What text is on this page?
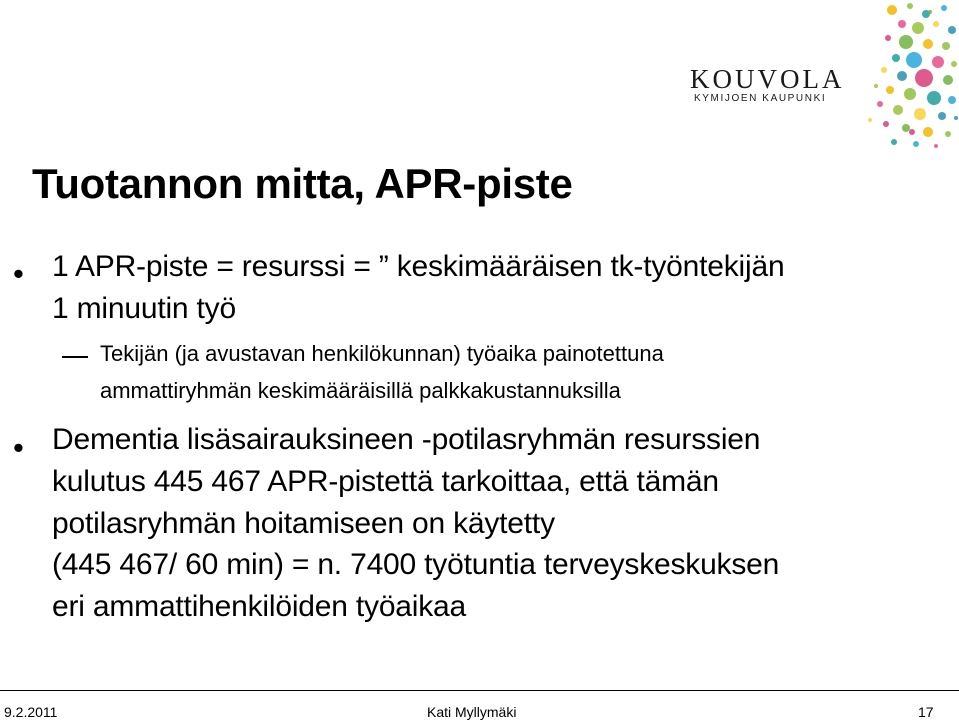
KOUVOLA
KYMIJOEN KAUPUNKI
Tuotannon mitta, APR-piste
• 1 APR-piste = resurssi = ” keskimääräisen tk-työntekijän
1 minuutin työ
Tekijän (ja avustavan henkilökunnan) työaika painotettuna
ammattiryhmän keskimääräisillä palkkakustannuksilla
• Dementia lisäsairauksineen -potilasryhmän resurssien
kulutus 445 467 APR-pistettä tarkoittaa, että tämän
potilasryhmän hoitamiseen on käytetty
(445 467/ 60 min) = n. 7400 työtuntia terveyskeskuksen
eri ammattihenkilöiden työaikaa
9.2.2011	Kati Myllymäki	17
